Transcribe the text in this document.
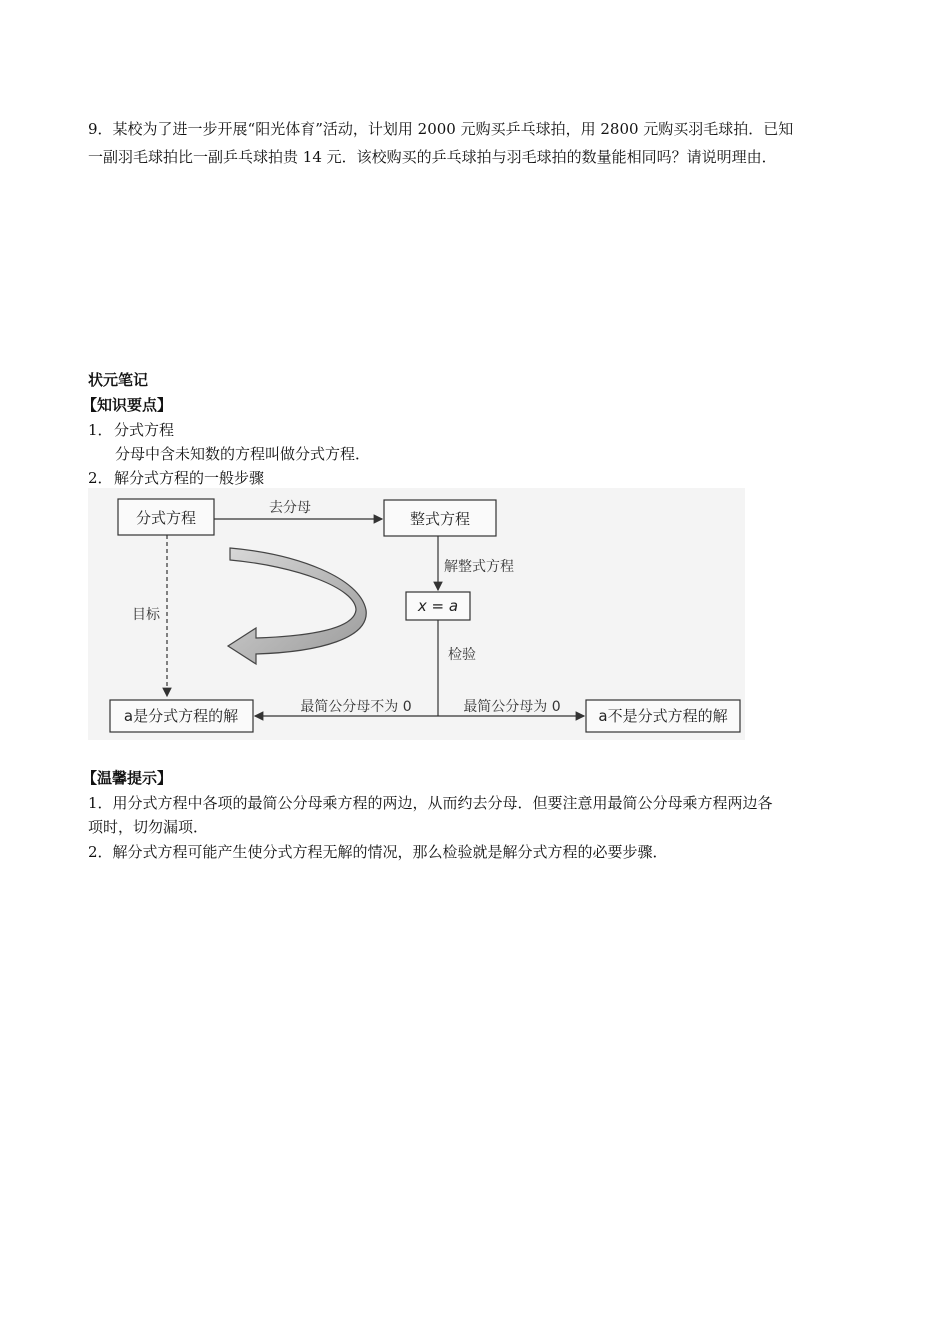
9．某校为了进一步开展“阳光体育”活动，计划用 2000 元购买乒乓球拍，用 2800 元购买羽毛球拍．已知
一副羽毛球拍比一副乒乓球拍贵 14 元．该校购买的乒乓球拍与羽毛球拍的数量能相同吗？请说明理由．
状元笔记
【知识要点】
1．分式方程
分母中含未知数的方程叫做分式方程．
2．解分式方程的一般步骤
分式方程	整式方程
x = a
a是分式方程的解	a不是分式方程的解
去分母
解整式方程
检验
最简公分母不为 0	最简公分母为 0
目标
【温馨提示】
1．用分式方程中各项的最简公分母乘方程的两边，从而约去分母．但要注意用最简公分母乘方程两边各
项时，切勿漏项．
2．解分式方程可能产生使分式方程无解的情况，那么检验就是解分式方程的必要步骤．
